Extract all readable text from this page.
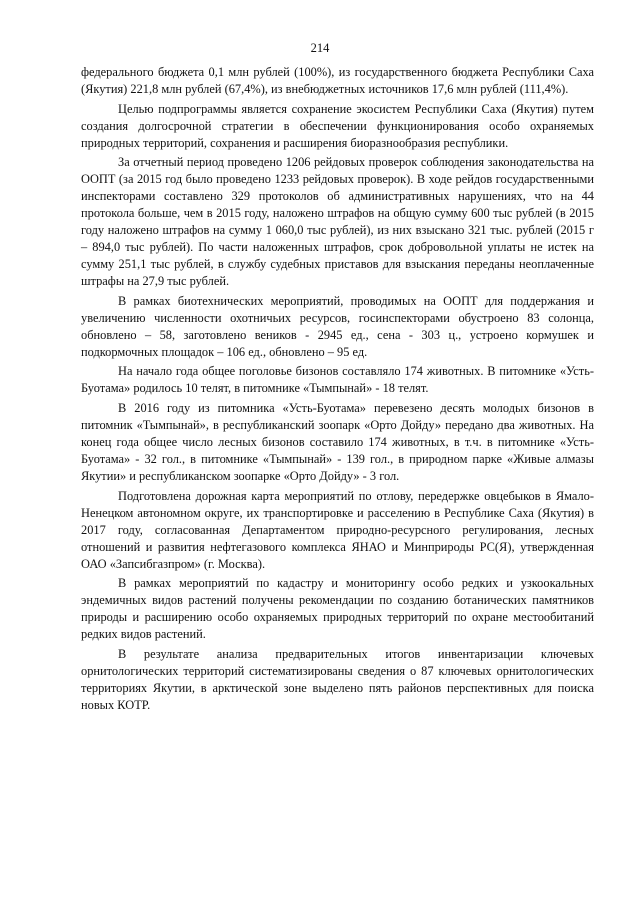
214

федерального бюджета 0,1 млн рублей (100%), из государственного бюджета Республики Саха (Якутия) 221,8 млн рублей (67,4%), из внебюджетных источников 17,6 млн рублей (111,4%).

Целью подпрограммы является сохранение экосистем Республики Саха (Якутия) путем создания долгосрочной стратегии в обеспечении функционирования особо охраняемых природных территорий, сохранения и расширения биоразнообразия республики.

За отчетный период проведено 1206 рейдовых проверок соблюдения законодательства на ООПТ (за 2015 год было проведено 1233 рейдовых проверок). В ходе рейдов государственными инспекторами составлено 329 протоколов об административных нарушениях, что на 44 протокола больше, чем в 2015 году, наложено штрафов на общую сумму 600 тыс рублей (в 2015 году наложено штрафов на сумму 1 060,0 тыс рублей), из них взыскано 321 тыс. рублей (2015 г – 894,0 тыс рублей). По части наложенных штрафов, срок добровольной уплаты не истек на сумму 251,1 тыс рублей, в службу судебных приставов для взыскания переданы неоплаченные штрафы на 27,9 тыс рублей.

В рамках биотехнических мероприятий, проводимых на ООПТ для поддержания и увеличению численности охотничьих ресурсов, госинспекторами обустроено 83 солонца, обновлено – 58, заготовлено веников - 2945 ед., сена - 303 ц., устроено кормушек и подкормочных площадок – 106 ед., обновлено – 95 ед.

На начало года общее поголовье бизонов составляло 174 животных. В питомнике «Усть-Буотама» родилось 10 телят, в питомнике «Тымпынай» - 18 телят.

В 2016 году из питомника «Усть-Буотама» перевезено десять молодых бизонов в питомник «Тымпынай», в республиканский зоопарк «Орто Дойду» передано два животных. На конец года общее число лесных бизонов составило 174 животных, в т.ч. в питомнике «Усть-Буотама» - 32 гол., в питомнике «Тымпынай» - 139 гол., в природном парке «Живые алмазы Якутии» и республиканском зоопарке «Орто Дойду» - 3 гол.

Подготовлена дорожная карта мероприятий по отлову, передержке овцебыков в Ямало-Ненецком автономном округе, их транспортировке и расселению в Республике Саха (Якутия) в 2017 году, согласованная Департаментом природно-ресурсного регулирования, лесных отношений и развития нефтегазового комплекса ЯНАО и Минприроды РС(Я), утвержденная ОАО «Запсибгазпром» (г. Москва).

В рамках мероприятий по кадастру и мониторингу особо редких и узкоокальных эндемичных видов растений получены рекомендации по созданию ботанических памятников природы и расширению особо охраняемых природных территорий по охране местообитаний редких видов растений.

В результате анализа предварительных итогов инвентаризации ключевых орнитологических территорий систематизированы сведения о 87 ключевых орнитологических территориях Якутии, в арктической зоне выделено пять районов перспективных для поиска новых КОТР.
